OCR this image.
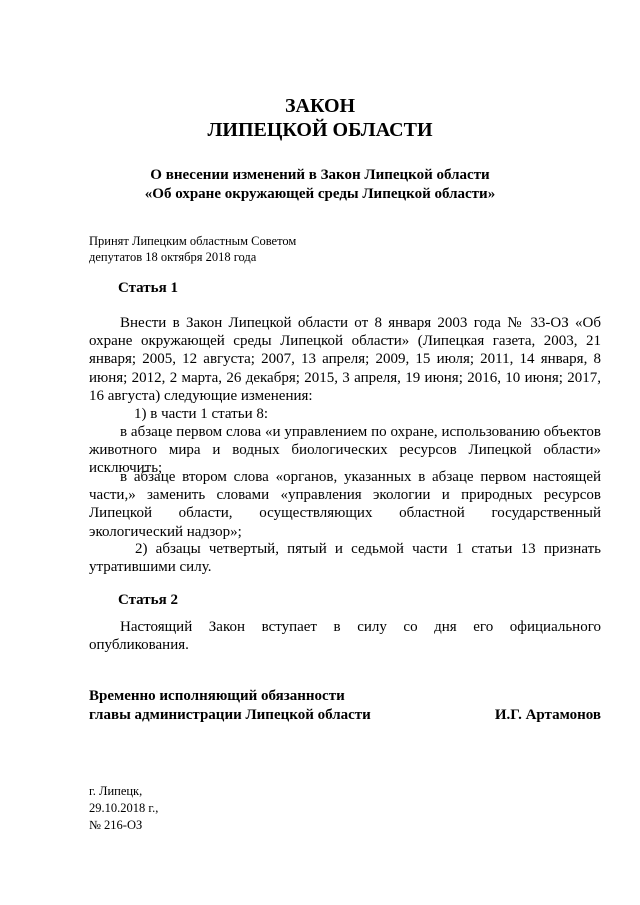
ЗАКОН
ЛИПЕЦКОЙ ОБЛАСТИ
О внесении изменений в Закон Липецкой области
«Об охране окружающей среды Липецкой области»
Принят Липецким областным Советом
депутатов 18 октября 2018 года
Статья 1
Внести в Закон Липецкой области от 8 января 2003 года № 33-ОЗ «Об охране окружающей среды Липецкой области» (Липецкая газета, 2003, 21 января; 2005, 12 августа; 2007, 13 апреля; 2009, 15 июля; 2011, 14 января, 8 июня; 2012, 2 марта, 26 декабря; 2015, 3 апреля, 19 июня; 2016, 10 июня; 2017, 16 августа) следующие изменения:
1) в части 1 статьи 8:
в абзаце первом слова «и управлением по охране, использованию объектов животного мира и водных биологических ресурсов Липецкой области» исключить;
в абзаце втором слова «органов, указанных в абзаце первом настоящей части,» заменить словами «управления экологии и природных ресурсов Липецкой области, осуществляющих областной государственный экологический надзор»;
2) абзацы четвертый, пятый и седьмой части 1 статьи 13 признать утратившими силу.
Статья 2
Настоящий Закон вступает в силу со дня его официального опубликования.
Временно исполняющий обязанности
главы администрации Липецкой области	И.Г. Артамонов
г. Липецк,
29.10.2018 г.,
№ 216-ОЗ
